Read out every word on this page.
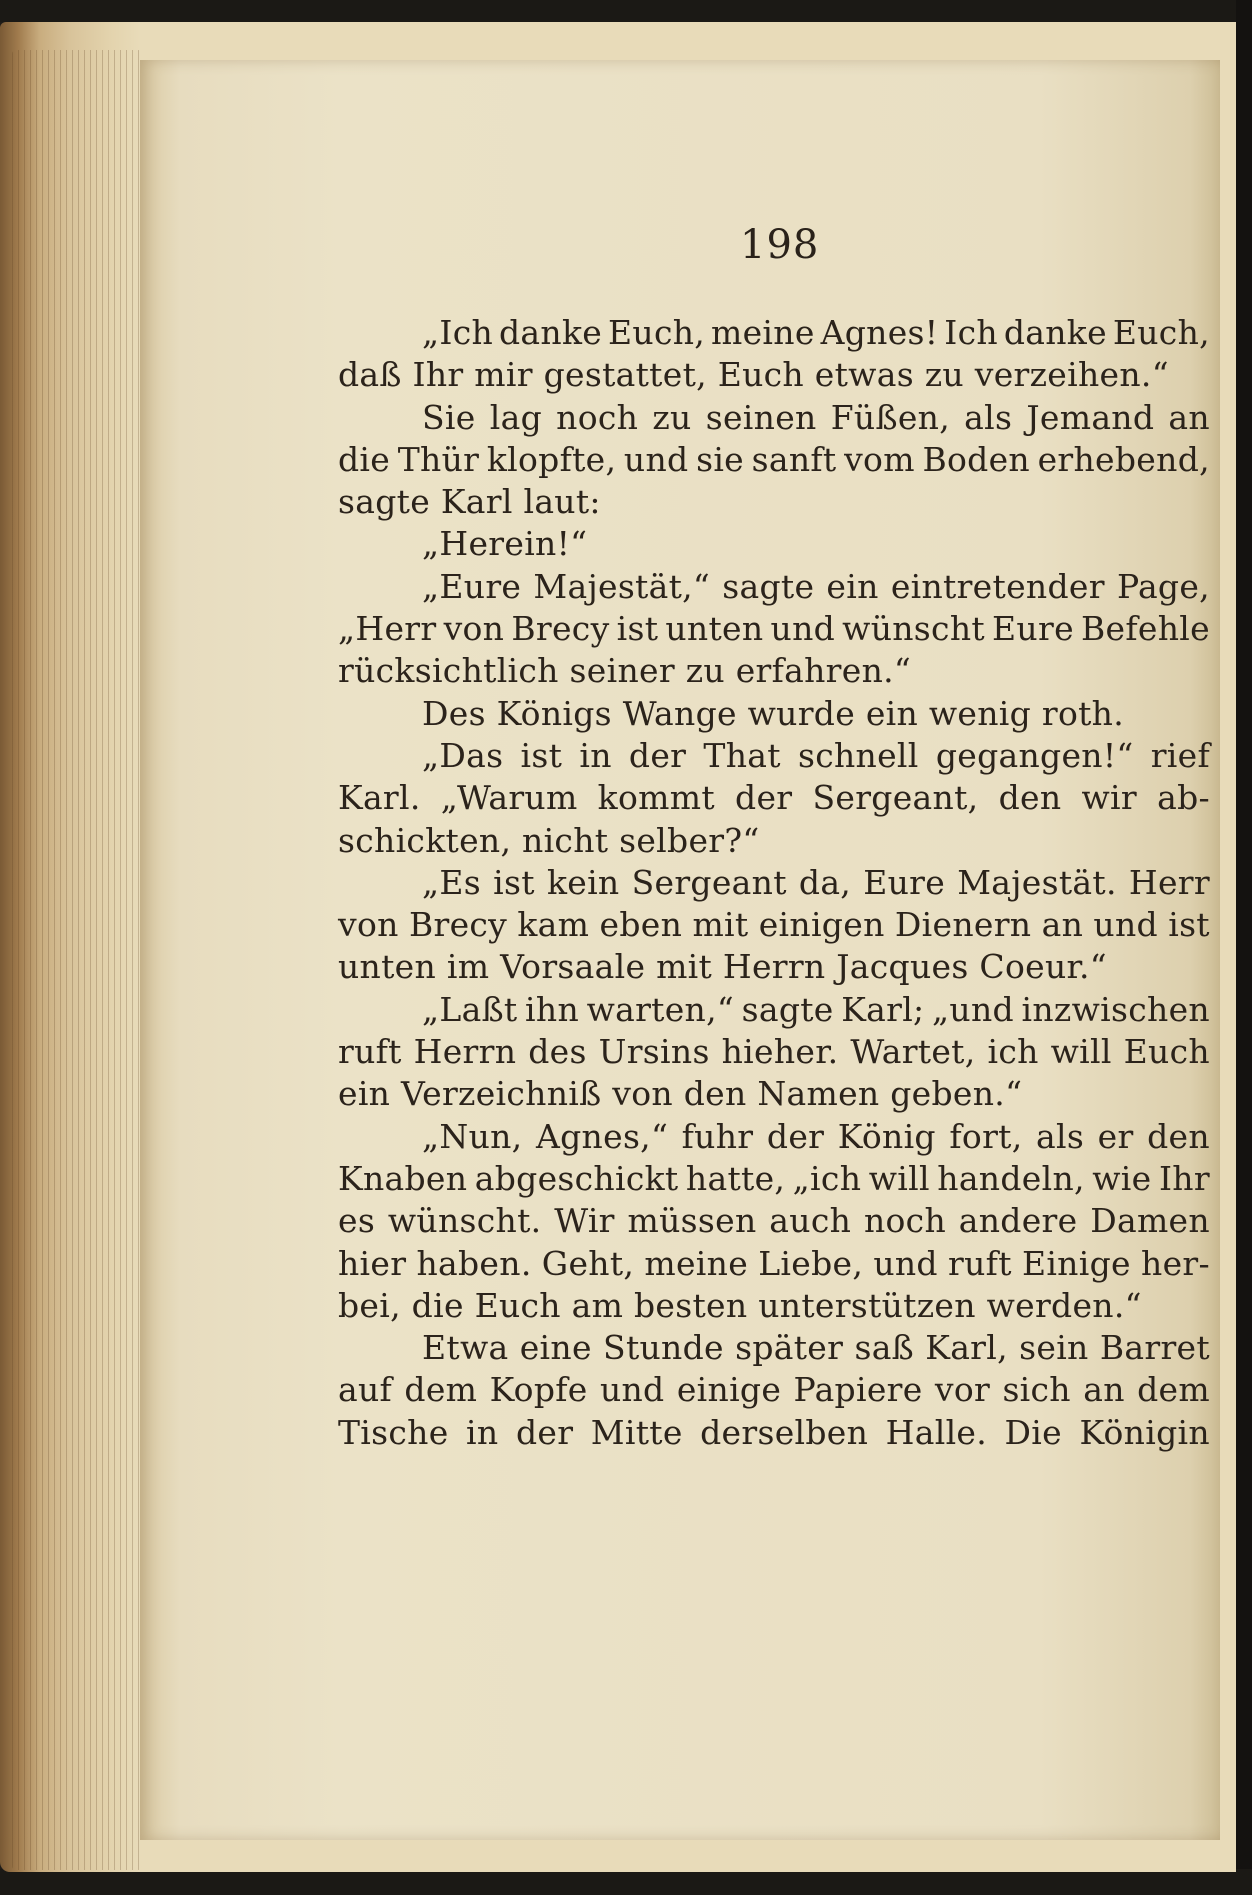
198
„Ich danke Euch, meine Agnes! Ich danke Euch,
daß Ihr mir gestattet, Euch etwas zu verzeihen.“
Sie lag noch zu seinen Füßen, als Jemand an
die Thür klopfte, und sie sanft vom Boden erhebend,
sagte Karl laut:
„Herein!“
„Eure Majestät,“ sagte ein eintretender Page,
„Herr von Brecy ist unten und wünscht Eure Befehle
rücksichtlich seiner zu erfahren.“
Des Königs Wange wurde ein wenig roth.
„Das ist in der That schnell gegangen!“ rief
Karl. „Warum kommt der Sergeant, den wir ab-
schickten, nicht selber?“
„Es ist kein Sergeant da, Eure Majestät. Herr
von Brecy kam eben mit einigen Dienern an und ist
unten im Vorsaale mit Herrn Jacques Coeur.“
„Laßt ihn warten,“ sagte Karl; „und inzwischen
ruft Herrn des Ursins hieher. Wartet, ich will Euch
ein Verzeichniß von den Namen geben.“
„Nun, Agnes,“ fuhr der König fort, als er den
Knaben abgeschickt hatte, „ich will handeln, wie Ihr
es wünscht. Wir müssen auch noch andere Damen
hier haben. Geht, meine Liebe, und ruft Einige her-
bei, die Euch am besten unterstützen werden.“
Etwa eine Stunde später saß Karl, sein Barret
auf dem Kopfe und einige Papiere vor sich an dem
Tische in der Mitte derselben Halle. Die Königin
